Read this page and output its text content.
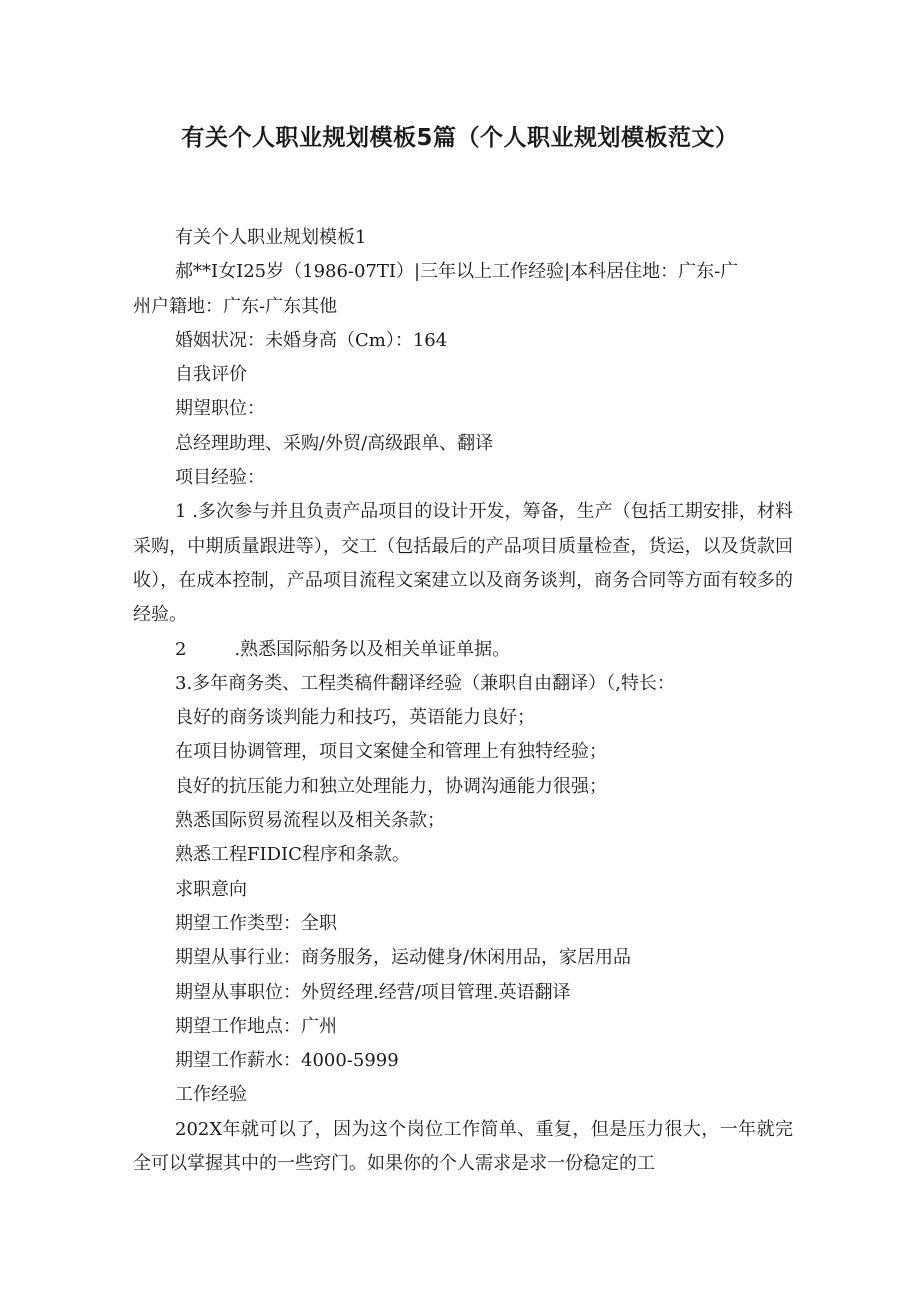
有关个人职业规划模板5篇（个人职业规划模板范文）

有关个人职业规划模板1

郝**I女I25岁（1986-07TI）|三年以上工作经验|本科居住地：广东-广

州户籍地：广东-广东其他

婚姻状况：未婚身高（Cm）：164

自我评价

期望职位：

总经理助理、采购/外贸/高级跟单、翻译

项目经验：

1 .多次参与并且负责产品项目的设计开发，筹备，生产（包括工期安排，材料采购，中期质量跟进等），交工（包括最后的产品项目质量检查，货运，以及货款回收），在成本控制，产品项目流程文案建立以及商务谈判，商务合同等方面有较多的经验。

2	.熟悉国际船务以及相关单证单据。

3.多年商务类、工程类稿件翻译经验（兼职自由翻译）（,特长：

良好的商务谈判能力和技巧，英语能力良好；

在项目协调管理，项目文案健全和管理上有独特经验；

良好的抗压能力和独立处理能力，协调沟通能力很强；

熟悉国际贸易流程以及相关条款；

熟悉工程FIDIC程序和条款。

求职意向

期望工作类型：全职

期望从事行业：商务服务，运动健身/休闲用品，家居用品

期望从事职位：外贸经理.经营/项目管理.英语翻译

期望工作地点：广州

期望工作薪水：4000-5999

工作经验

202X年就可以了，因为这个岗位工作简单、重复，但是压力很大，一年就完全可以掌握其中的一些窍门。如果你的个人需求是求一份稳定的工
